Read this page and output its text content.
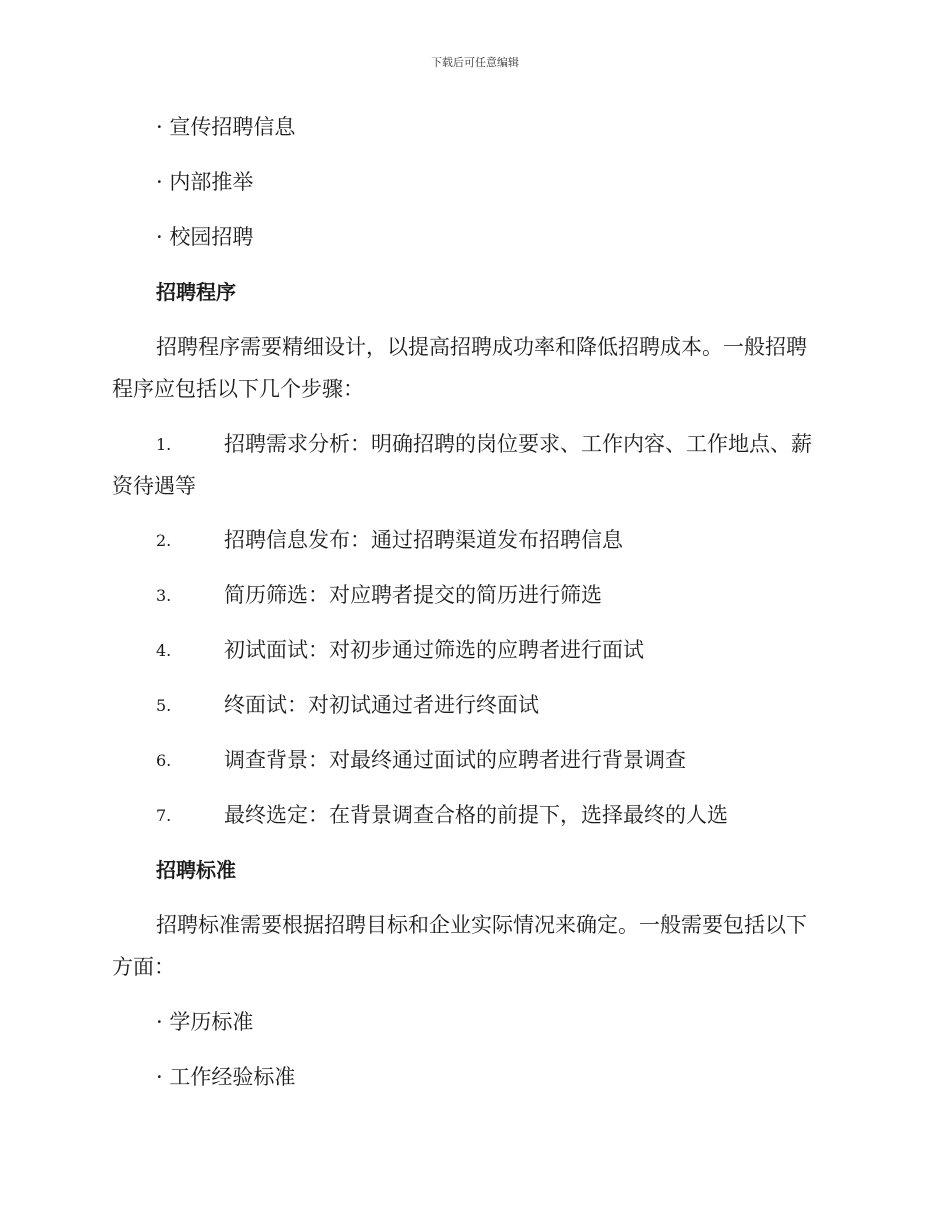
下载后可任意编辑
· 宣传招聘信息
· 内部推举
· 校园招聘
招聘程序
招聘程序需要精细设计，以提高招聘成功率和降低招聘成本。一般招聘
程序应包括以下几个步骤：
1.	招聘需求分析：明确招聘的岗位要求、工作内容、工作地点、薪
资待遇等
2.	招聘信息发布：通过招聘渠道发布招聘信息
3.	简历筛选：对应聘者提交的简历进行筛选
4.	初试面试：对初步通过筛选的应聘者进行面试
5.	终面试：对初试通过者进行终面试
6.	调查背景：对最终通过面试的应聘者进行背景调查
7.	最终选定：在背景调查合格的前提下，选择最终的人选
招聘标准
招聘标准需要根据招聘目标和企业实际情况来确定。一般需要包括以下
方面：
· 学历标准
· 工作经验标准
